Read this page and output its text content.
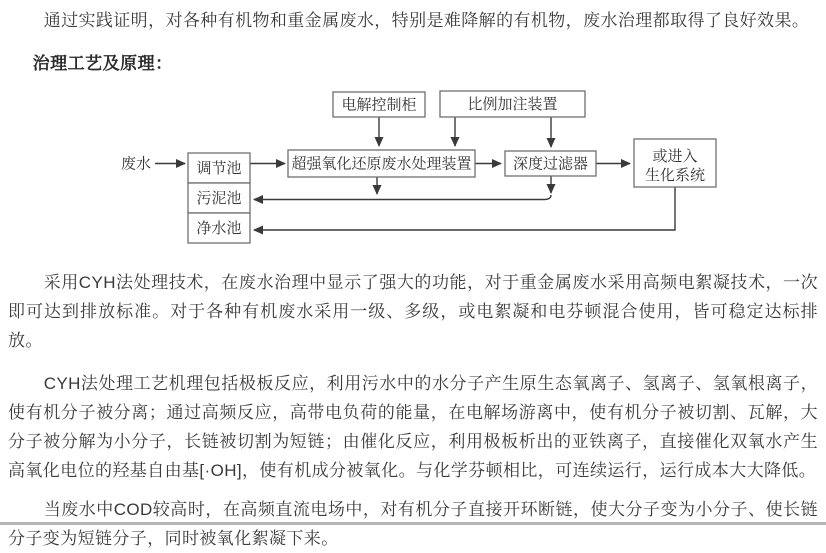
通过实践证明，对各种有机物和重金属废水，特别是难降解的有机物，废水治理都取得了良好效果。

治理工艺及原理：
废水
电解控制柜	比例加注装置
超强氧化还原废水处理装置	深度过滤器	或进入
生化系统
调节池
污泥池
净水池

采用CYH法处理技术，在废水治理中显示了强大的功能，对于重金属废水采用高频电絮凝技术，一次即可达到排放标准。对于各种有机废水采用一级、多级，或电絮凝和电芬顿混合使用，皆可稳定达标排放。

CYH法处理工艺机理包括极板反应，利用污水中的水分子产生原生态氧离子、氢离子、氢氧根离子，使有机分子被分离；通过高频反应，高带电负荷的能量，在电解场游离中，使有机分子被切割、瓦解，大分子被分解为小分子，长链被切割为短链；由催化反应，利用极板析出的亚铁离子，直接催化双氧水产生高氧化电位的羟基自由基[·OH]，使有机成分被氧化。与化学芬顿相比，可连续运行，运行成本大大降低。

当废水中COD较高时，在高频直流电场中，对有机分子直接开环断链，使大分子变为小分子、使长链分子变为短链分子，同时被氧化絮凝下来。
